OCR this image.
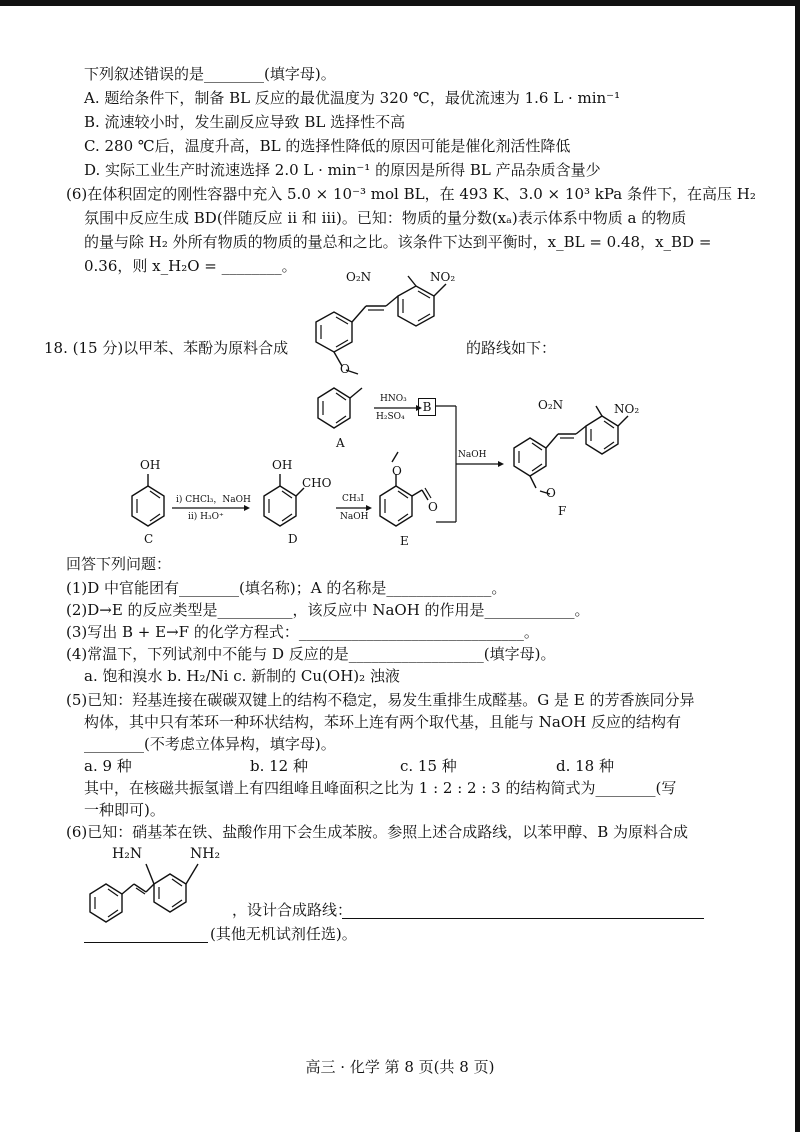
下列叙述错误的是________(填字母)。
A. 题给条件下，制备 BL 反应的最优温度为 320 ℃，最优流速为 1.6 L · min⁻¹
B. 流速较小时，发生副反应导致 BL 选择性不高
C. 280 ℃后，温度升高，BL 的选择性降低的原因可能是催化剂活性降低
D. 实际工业生产时流速选择 2.0 L · min⁻¹ 的原因是所得 BL 产品杂质含量少
(6)在体积固定的刚性容器中充入 5.0 × 10⁻³ mol BL，在 493 K、3.0 × 10³ kPa 条件下，在高压 H₂
氛围中反应生成 BD(伴随反应 ii 和 iii)。已知：物质的量分数(xₐ)表示体系中物质 a 的物质
的量与除 H₂ 外所有物质的物质的量总和之比。该条件下达到平衡时，x_BL = 0.48，x_BD =
0.36，则 x_H₂O = ________。
18. (15 分)以甲苯、苯酚为原料合成	的路线如下：
O₂N	NO₂
O
A
HNO₃
H₂SO₄
B
NaOH
O₂N	NO₂
O
F
OH
C
i) CHCl₃，NaOH
ii) H₃O⁺
OH
CHO
D
CH₃I
NaOH
O
O
E
回答下列问题：
(1)D 中官能团有________(填名称)；A 的名称是______________。
(2)D→E 的反应类型是__________，该反应中 NaOH 的作用是____________。
(3)写出 B + E→F 的化学方程式：______________________________。
(4)常温下，下列试剂中不能与 D 反应的是__________________(填字母)。
a. 饱和溴水 b. H₂/Ni c. 新制的 Cu(OH)₂ 浊液
(5)已知：羟基连接在碳碳双键上的结构不稳定，易发生重排生成醛基。G 是 E 的芳香族同分异
构体，其中只有苯环一种环状结构，苯环上连有两个取代基，且能与 NaOH 反应的结构有
________(不考虑立体异构，填字母)。
a. 9 种	b. 12 种	c. 15 种	d. 18 种
其中，在核磁共振氢谱上有四组峰且峰面积之比为 1 : 2 : 2 : 3 的结构简式为________(写
一种即可)。
(6)已知：硝基苯在铁、盐酸作用下会生成苯胺。参照上述合成路线，以苯甲醇、B 为原料合成
H₂N	NH₂
，设计合成路线：
(其他无机试剂任选)。
高三 · 化学 第 8 页(共 8 页)
